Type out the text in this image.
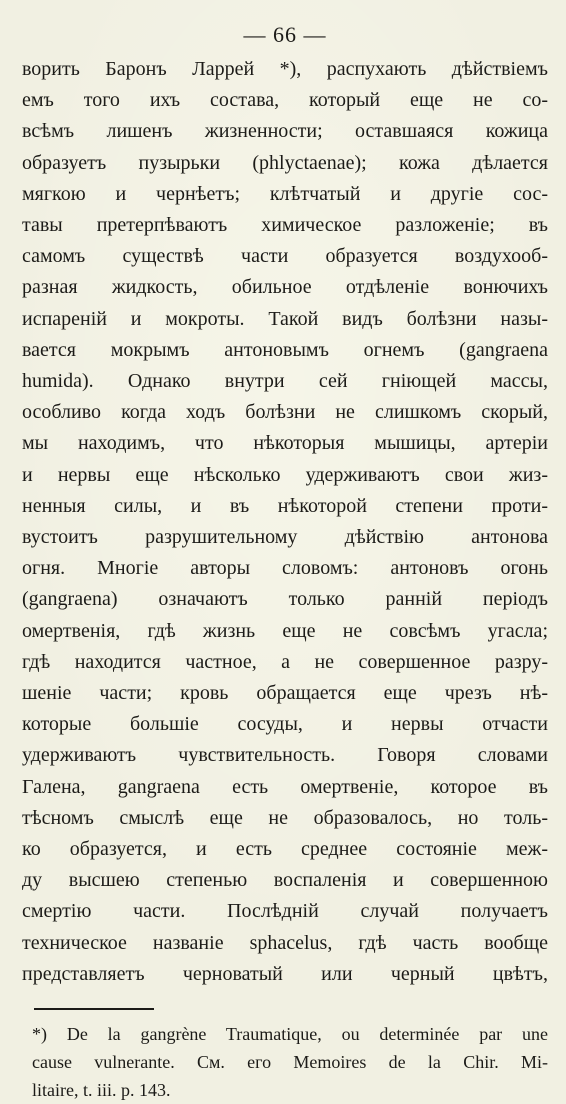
— 66 —
ворить Баронъ Ларрей *), распухають дѣйствiемъ
емъ того ихъ состава, который еще не со-
всѣмъ лишенъ жизненности; оставшаяся кожица
образуетъ пузырьки (phlyctaenae); кожа дѣлается
мягкою и чернѣетъ; клѣтчатый и другiе сос-
тавы претерпѣваютъ химическое разложенiе; въ
самомъ существѣ части образуется воздухооб-
разная жидкость, обильное отдѣленiе вонючихъ
испаренiй и мокроты. Такой видъ болѣзни назы-
вается мокрымъ антоновымъ огнемъ (gangraena
humida). Однако внутри сей гнiющей массы,
особливо когда ходъ болѣзни не слишкомъ скорый,
мы находимъ, что нѣкоторыя мышицы, артерiи
и нервы еще нѣсколько удерживаютъ свои жиз-
ненныя силы, и въ нѣкоторой степени проти-
вустоитъ разрушительному дѣйствiю антонова
огня. Многiе авторы словомъ: антоновъ огонь
(gangraena) означаютъ только раннiй перiодъ
омертвенiя, гдѣ жизнь еще не совсѣмъ угасла;
гдѣ находится частное, а не совершенное разру-
шенiе части; кровь обращается еще чрезъ нѣ-
которые большiе сосуды, и нервы отчасти
удерживаютъ чувствительность. Говоря словами
Галена, gangraena есть омертвенiе, которое въ
тѣсномъ смыслѣ еще не образовалось, но толь-
ко образуется, и есть среднее состоянiе меж-
ду высшею степенью воспаленiя и совершенною
смертiю части. Послѣднiй случай получаетъ
техническое названiе sphacelus, гдѣ часть вообще
представляетъ черноватый или черный цвѣтъ,
*) De la gangrène Traumatique, ou determinée par une
cause vulnerante. См. его Memoires de la Chir. Mi-
litaire, t. iii. p. 143.
